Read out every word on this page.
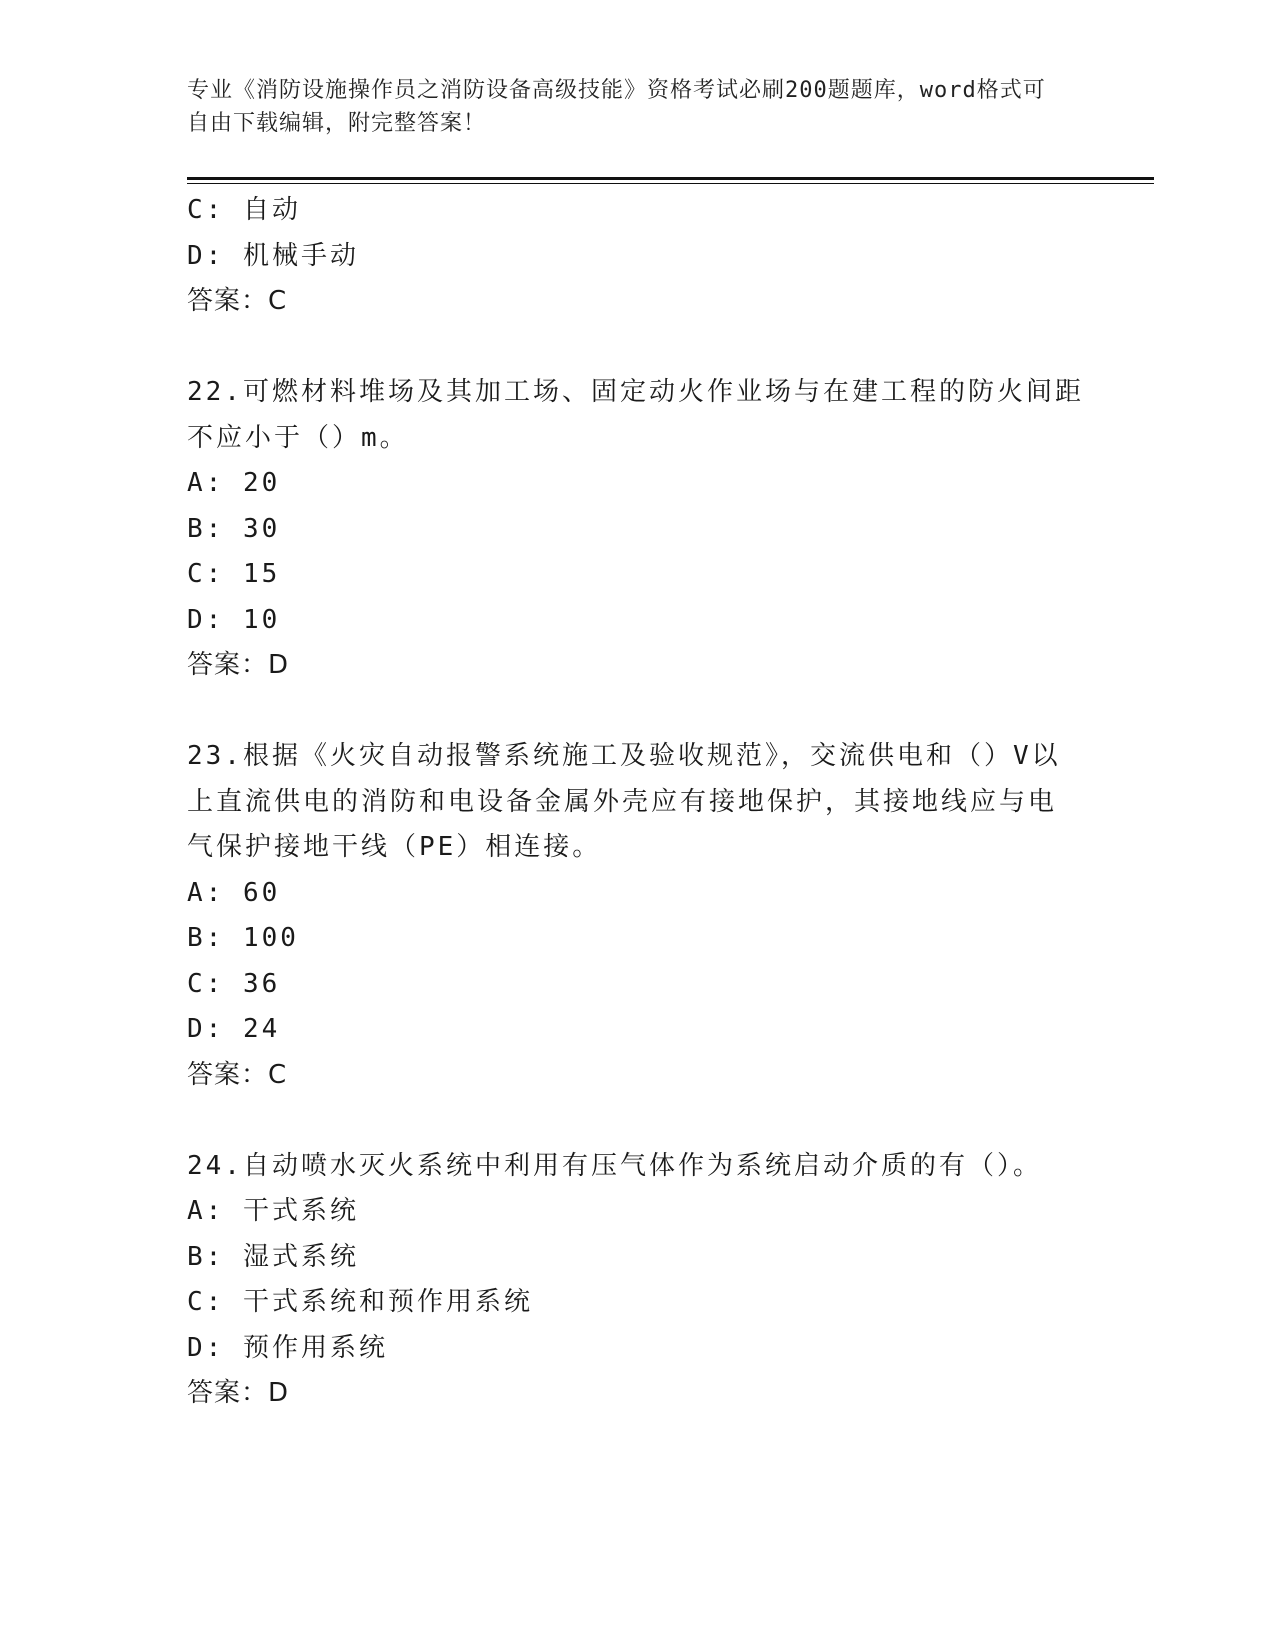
专业《消防设施操作员之消防设备高级技能》资格考试必刷200题题库，word格式可自由下载编辑，附完整答案！
C: 自动
D: 机械手动
答案：C
22.可燃材料堆场及其加工场、固定动火作业场与在建工程的防火间距
不应小于（）m。
A: 20
B: 30
C: 15
D: 10
答案：D
23.根据《火灾自动报警系统施工及验收规范》，交流供电和（）V以
上直流供电的消防和电设备金属外壳应有接地保护，其接地线应与电
气保护接地干线（PE）相连接。
A: 60
B: 100
C: 36
D: 24
答案：C
24.自动喷水灭火系统中利用有压气体作为系统启动介质的有（）。
A: 干式系统
B: 湿式系统
C: 干式系统和预作用系统
D: 预作用系统
答案：D
